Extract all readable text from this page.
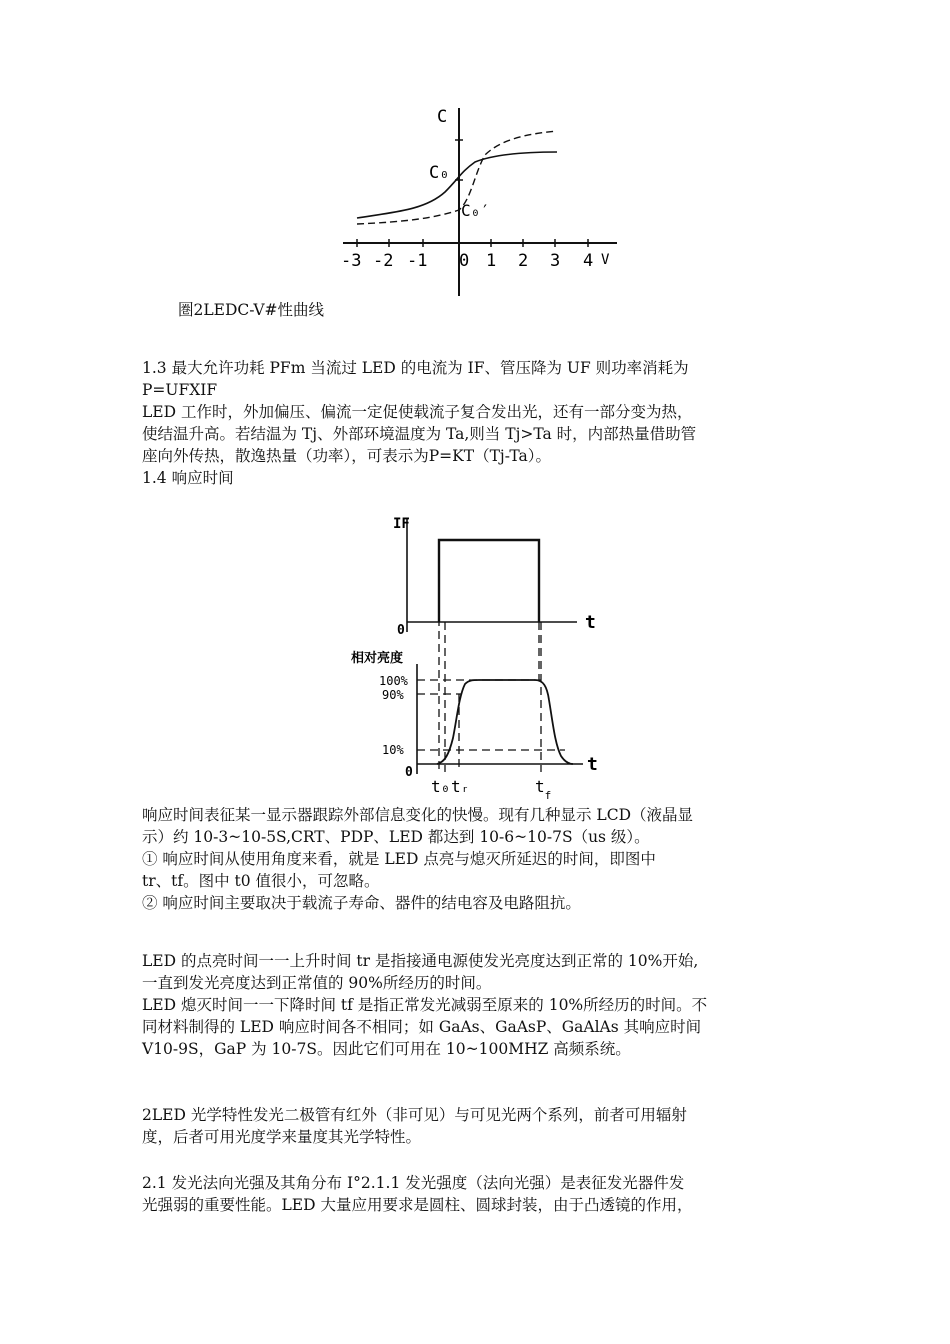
C
C₀
C₀′
-3 -2 -1 0 1 2 3 4 V
圏2LEDC-V#性曲线
1.3 最大允许功耗 PFm 当流过 LED 的电流为 IF、管压降为 UF 则功率消耗为
P=UFXIF
LED 工作时，外加偏压、偏流一定促使载流子复合发出光，还有一部分变为热，
使结温升高。若结温为 Tj、外部环境温度为 Ta,则当 Tj>Ta 时，内部热量借助管
座向外传热，散逸热量（功率），可表示为P=KT（Tj-Ta）。
1.4 响应时间
IF
0	t
相对亮度
100%
90%
10%
0	t
t₀ tᵣ	$t_f$
响应时间表征某一显示器跟踪外部信息变化的快慢。现有几种显示 LCD（液晶显
示）约 10-3~10-5S,CRT、PDP、LED 都达到 10-6~10-7S（us 级）。
① 响应时间从使用角度来看，就是 LED 点亮与熄灭所延迟的时间，即图中
tr、tf。图中 t0 值很小，可忽略。
② 响应时间主要取决于载流子寿命、器件的结电容及电路阻抗。
LED 的点亮时间一一上升时间 tr 是指接通电源使发光亮度达到正常的 10%开始,
一直到发光亮度达到正常值的 90%所经历的时间。
LED 熄灭时间一一下降时间 tf 是指正常发光减弱至原来的 10%所经历的时间。不
同材料制得的 LED 响应时间各不相同；如 GaAs、GaAsP、GaAlAs 其响应时间
V10-9S，GaP 为 10-7S。因此它们可用在 10~100MHZ 高频系统。
2LED 光学特性发光二极管有红外（非可见）与可见光两个系列，前者可用辐射
度，后者可用光度学来量度其光学特性。
2.1 发光法向光强及其角分布 I°2.1.1 发光强度（法向光强）是表征发光器件发
光强弱的重要性能。LED 大量应用要求是圆柱、圆球封装，由于凸透镜的作用，
